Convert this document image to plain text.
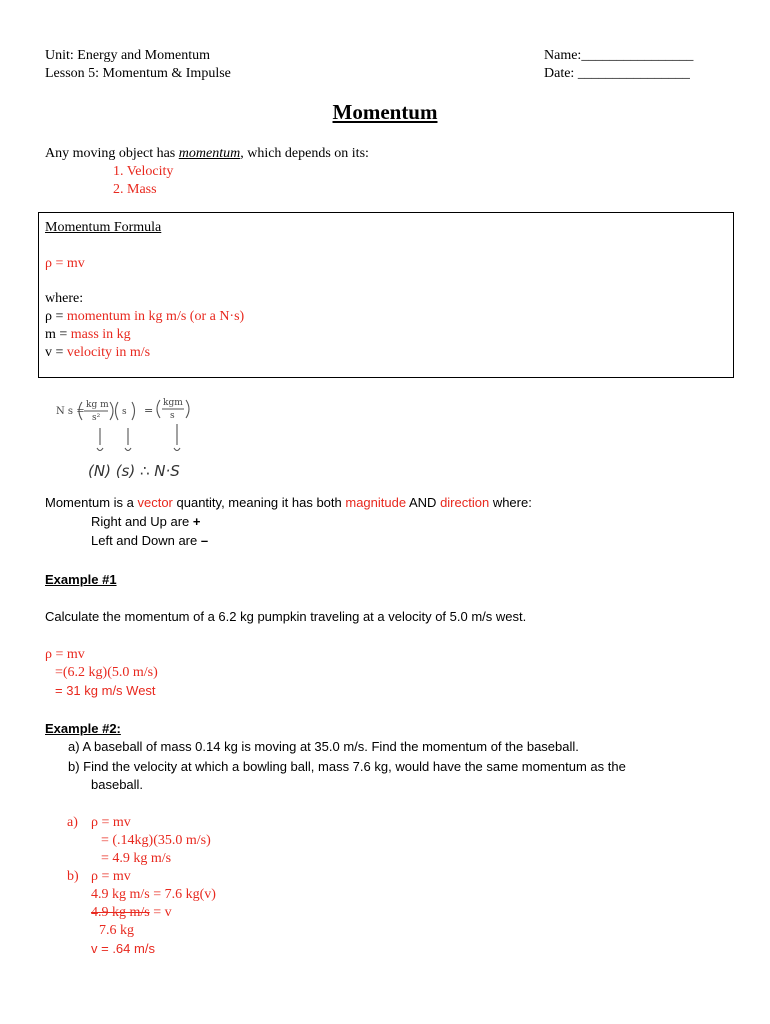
Unit: Energy and Momentum
Lesson 5: Momentum & Impulse
Name:________________
Date: ________________
Momentum
Any moving object has momentum, which depends on its:
1. Velocity
2. Mass
Momentum Formula
ρ = mv
where:
ρ = momentum in kg m/s (or a N·s)
m = mass in kg
v = velocity in m/s
N s =
kg m
s²
s =
kgm
s
(N) (s) ∴ N·S
Momentum is a vector quantity, meaning it has both magnitude AND direction where:
Right and Up are +
Left and Down are –
Example #1
Calculate the momentum of a 6.2 kg pumpkin traveling at a velocity of 5.0 m/s west.
ρ = mv
=(6.2 kg)(5.0 m/s)
= 31 kg m/s West
Example #2:
a) A baseball of mass 0.14 kg is moving at 35.0 m/s. Find the momentum of the baseball.
b) Find the velocity at which a bowling ball, mass 7.6 kg, would have the same momentum as the
baseball.
a) ρ = mv
= (.14kg)(35.0 m/s)
= 4.9 kg m/s
b) ρ = mv
4.9 kg m/s = 7.6 kg(v)
4.9 kg m/s = v
7.6 kg
v = .64 m/s
